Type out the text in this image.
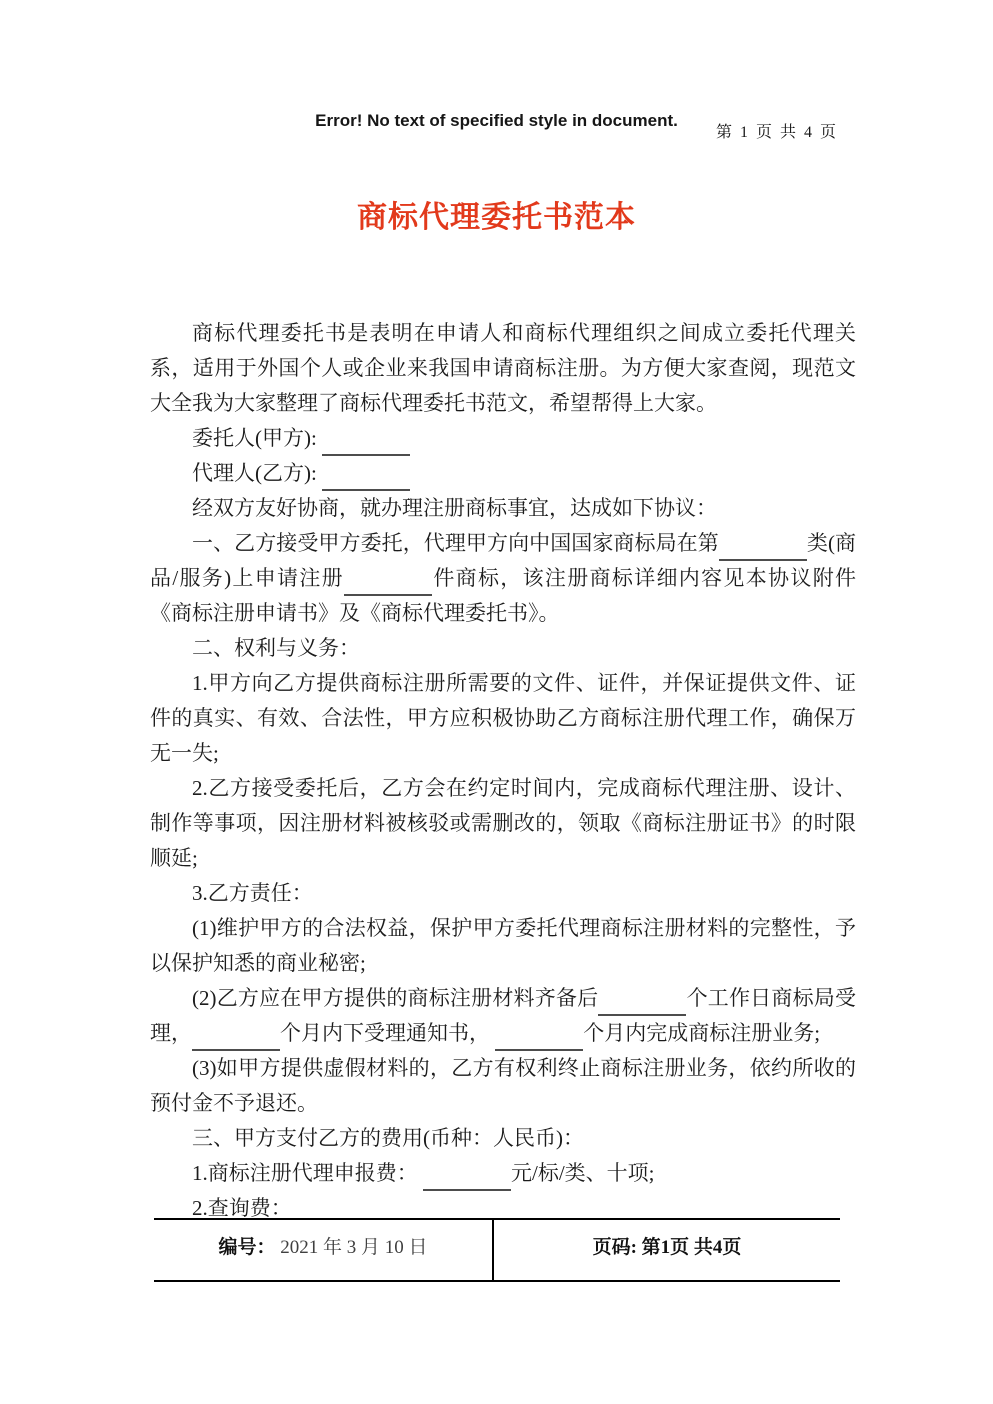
Error! No text of specified style in document.
第 1 页 共 4 页
商标代理委托书范本

商标代理委托书是表明在申请人和商标代理组织之间成立委托代理关系，适用于外国个人或企业来我国申请商标注册。为方便大家查阅，现范文大全我为大家整理了商标代理委托书范文，希望帮得上大家。

委托人(甲方):

代理人(乙方):

经双方友好协商，就办理注册商标事宜，达成如下协议：

一、乙方接受甲方委托，代理甲方向中国国家商标局在第	类(商品/服务)上申请注册	件商标，该注册商标详细内容见本协议附件《商标注册申请书》及《商标代理委托书》。

二、权利与义务：

1.甲方向乙方提供商标注册所需要的文件、证件，并保证提供文件、证件的真实、有效、合法性，甲方应积极协助乙方商标注册代理工作，确保万无一失;

2.乙方接受委托后，乙方会在约定时间内，完成商标代理注册、设计、制作等事项，因注册材料被核驳或需删改的，领取《商标注册证书》的时限顺延;

3.乙方责任：

(1)维护甲方的合法权益，保护甲方委托代理商标注册材料的完整性，予以保护知悉的商业秘密;

(2)乙方应在甲方提供的商标注册材料齐备后	个工作日商标局受理，	个月内下受理通知书，	个月内完成商标注册业务;

(3)如甲方提供虚假材料的，乙方有权利终止商标注册业务，依约所收的预付金不予退还。

三、甲方支付乙方的费用(币种：人民币)：

1.商标注册代理申报费：	元/标/类、十项;

2.查询费：

编号： 2021 年 3 月 10 日	页码: 第1页 共4页
